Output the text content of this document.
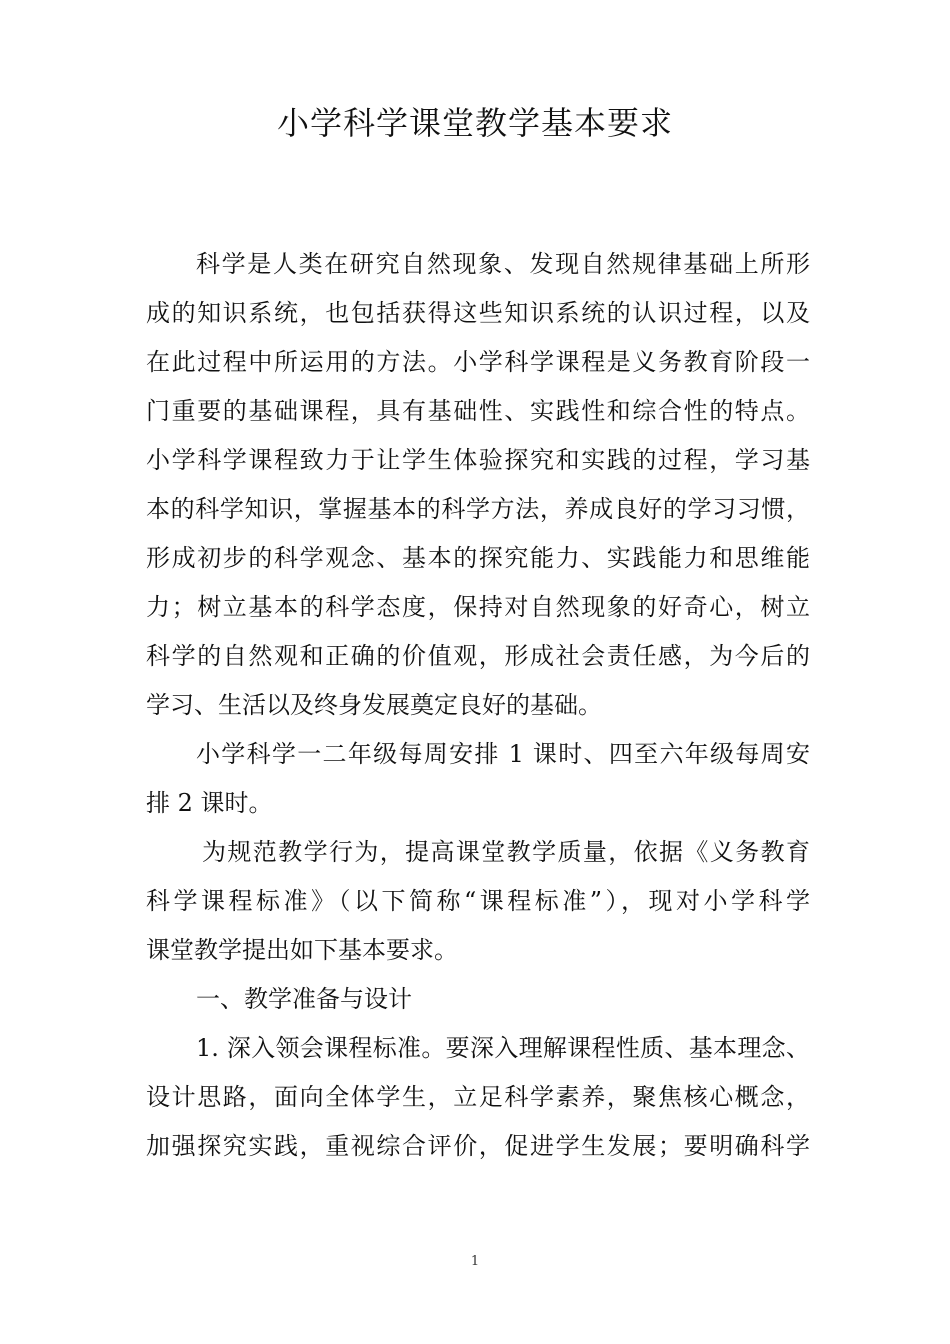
小学科学课堂教学基本要求
科学是人类在研究自然现象、发现自然规律基础上所形
成的知识系统，也包括获得这些知识系统的认识过程，以及
在此过程中所运用的方法。小学科学课程是义务教育阶段一
门重要的基础课程，具有基础性、实践性和综合性的特点。
小学科学课程致力于让学生体验探究和实践的过程，学习基
本的科学知识，掌握基本的科学方法，养成良好的学习习惯，
形成初步的科学观念、基本的探究能力、实践能力和思维能
力；树立基本的科学态度，保持对自然现象的好奇心，树立
科学的自然观和正确的价值观，形成社会责任感，为今后的
学习、生活以及终身发展奠定良好的基础。
小学科学一二年级每周安排 1 课时、四至六年级每周安
排 2 课时。
为规范教学行为，提高课堂教学质量，依据《义务教育
科学课程标准》（以下简称“课程标准”），现对小学科学
课堂教学提出如下基本要求。
一、教学准备与设计
1. 深入领会课程标准。要深入理解课程性质、基本理念、
设计思路，面向全体学生，立足科学素养，聚焦核心概念，
加强探究实践，重视综合评价，促进学生发展；要明确科学
1
